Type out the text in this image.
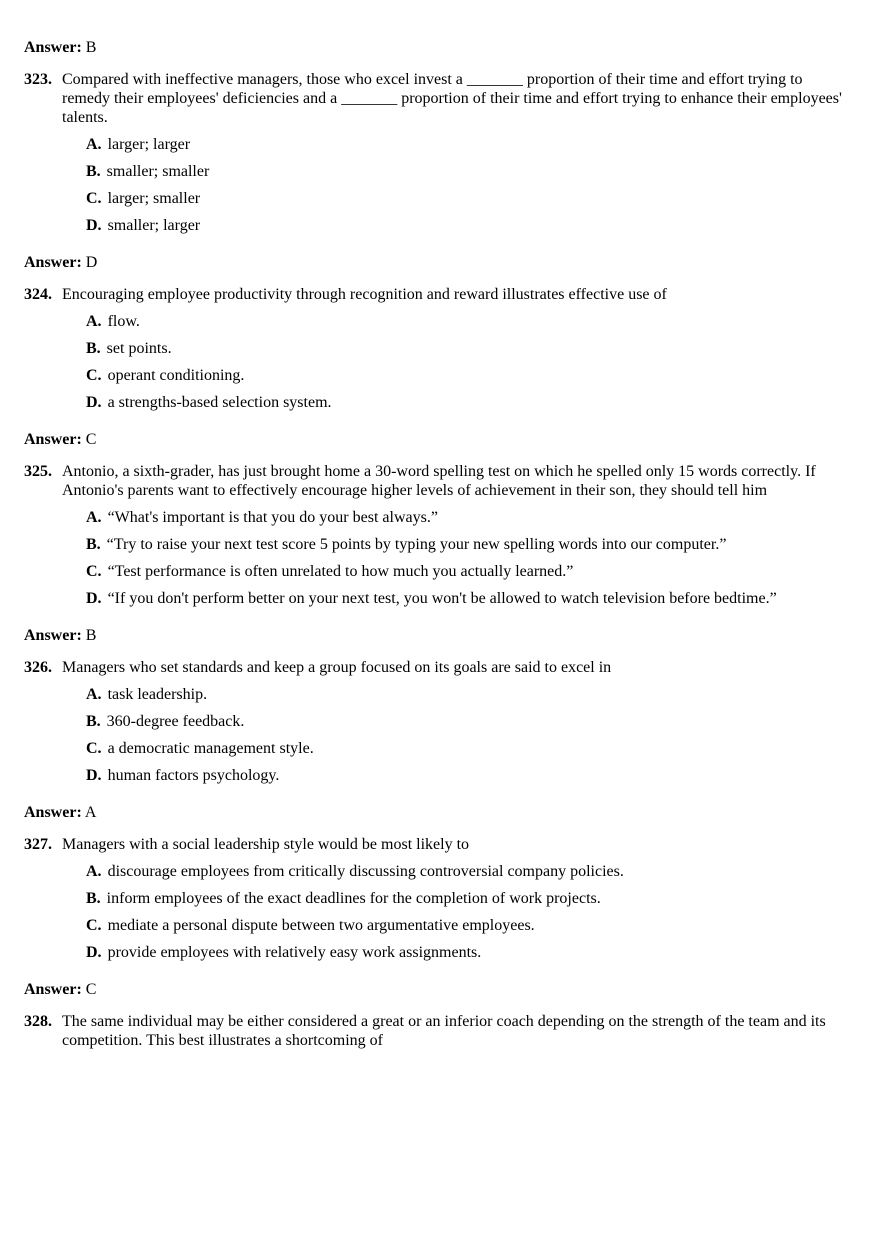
Answer: B

323. Compared with ineffective managers, those who excel invest a _______ proportion of their time and effort trying to remedy their employees' deficiencies and a _______ proportion of their time and effort trying to enhance their employees' talents.
A. larger; larger
B. smaller; smaller
C. larger; smaller
D. smaller; larger

Answer: D

324. Encouraging employee productivity through recognition and reward illustrates effective use of
A. flow.
B. set points.
C. operant conditioning.
D. a strengths-based selection system.

Answer: C

325. Antonio, a sixth-grader, has just brought home a 30-word spelling test on which he spelled only 15 words correctly. If Antonio's parents want to effectively encourage higher levels of achievement in their son, they should tell him
A. “What's important is that you do your best always.”
B. “Try to raise your next test score 5 points by typing your new spelling words into our computer.”
C. “Test performance is often unrelated to how much you actually learned.”
D. “If you don't perform better on your next test, you won't be allowed to watch television before bedtime.”

Answer: B

326. Managers who set standards and keep a group focused on its goals are said to excel in
A. task leadership.
B. 360-degree feedback.
C. a democratic management style.
D. human factors psychology.

Answer: A

327. Managers with a social leadership style would be most likely to
A. discourage employees from critically discussing controversial company policies.
B. inform employees of the exact deadlines for the completion of work projects.
C. mediate a personal dispute between two argumentative employees.
D. provide employees with relatively easy work assignments.

Answer: C

328. The same individual may be either considered a great or an inferior coach depending on the strength of the team and its competition. This best illustrates a shortcoming of
